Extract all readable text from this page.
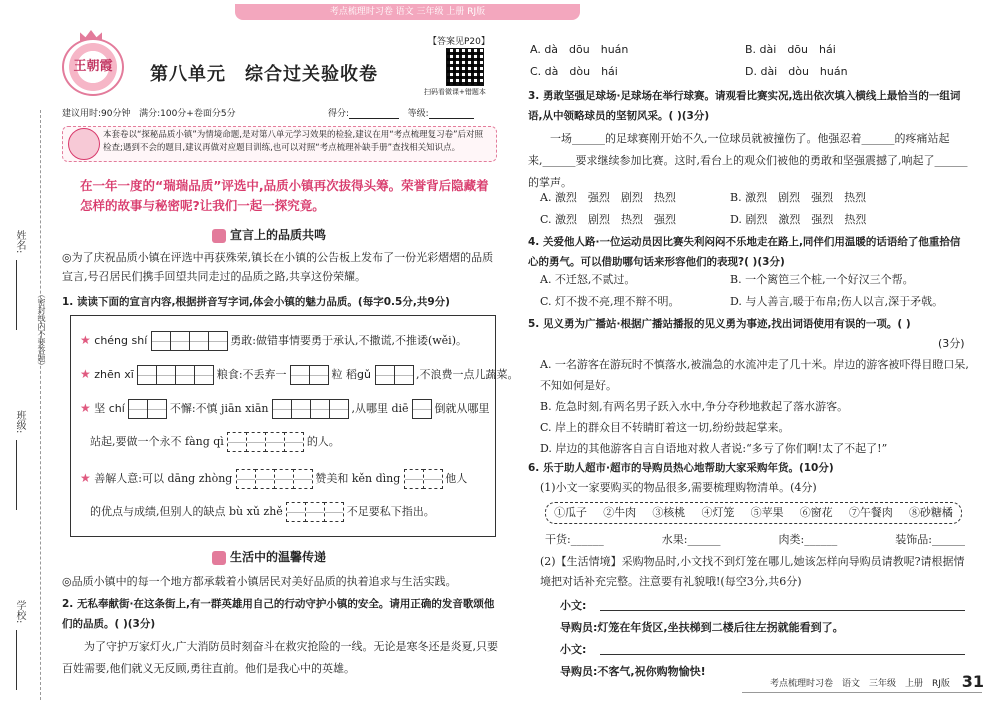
考点梳理时习卷 语文 三年级 上册 RJ版
姓名:
班级:
学校:
（密封线内不要答题）
王朝霞	第八单元　综合过关验收卷
【答案见P20】
扫码看微课+错题本
建议用时:90分钟 满分:100分+卷面分5分	得分:	等级:
本套卷以“探秘品质小镇”为情境命题,是对第八单元学习效果的检验,建议在用“考点梳理复习卷”后对照检查;遇到不会的题目,建议再做对应题目训练,也可以对照“考点梳理补缺手册”查找相关知识点。
在一年一度的“瑞瑞品质”评选中,品质小镇再次拔得头筹。荣誉背后隐藏着怎样的故事与秘密呢?让我们一起一探究竟。
宣言上的品质共鸣
◎为了庆祝品质小镇在评选中再获殊荣,镇长在小镇的公告板上发布了一份光彩熠熠的品质宣言,号召居民们携手回望共同走过的品质之路,共享这份荣耀。
1. 读读下面的宣言内容,根据拼音写字词,体会小镇的魅力品质。(每字0.5分,共9分)
★ chéng shí	勇敢:做错事情要勇于承认,不撒谎,不推诿(wěi)。
★ zhēn xī	粮食:不丢弃一	粒 稻gǔ	,不浪费一点儿蔬菜。
★ 坚 chí	不懈:不慎 jiān xiān	,从哪里 diē 倒就从哪里
站起,要做一个永不 fàng qì	的人。
★ 善解人意:可以 dāng zhòng	赞美和 kěn dìng	他人
的优点与成绩,但别人的缺点 bù xǔ zhě	不足要私下指出。
生活中的温馨传递
◎品质小镇中的每一个地方都承载着小镇居民对美好品质的执着追求与生活实践。
2. 无私奉献街·在这条街上,有一群英雄用自己的行动守护小镇的安全。请用正确的发音歌颂他们的品质。( )(3分)
为了守护万家灯火,广大消防员时刻奋斗在救灾抢险的一线。无论是寒冬还是炎夏,只要百姓需要,他们就义无反顾,勇往直前。他们是我心中的英雄。
A. dà　dōu　huán	B. dài　dōu　hái
C. dà　dòu　hái	D. dài　dòu　huán
3. 勇敢坚强足球场·足球场在举行球赛。请观看比赛实况,选出依次填入横线上最恰当的一组词语,从中领略球员的坚韧风采。( )(3分)
一场______的足球赛刚开始不久,一位球员就被撞伤了。他强忍着______的疼痛站起来,______要求继续参加比赛。这时,看台上的观众们被他的勇敢和坚强震撼了,响起了______的掌声。
A. 激烈　强烈　剧烈　热烈	B. 激烈　剧烈　强烈　热烈
C. 激烈　剧烈　热烈　强烈	D. 剧烈　激烈　强烈　热烈
4. 关爱他人路·一位运动员因比赛失利闷闷不乐地走在路上,同伴们用温暖的话语给了他重拾信心的勇气。可以借助哪句话来形容他们的表现?( )(3分)
A. 不迁怒,不贰过。	B. 一个篱笆三个桩,一个好汉三个帮。
C. 灯不拨不亮,理不辩不明。	D. 与人善言,暖于布帛;伤人以言,深于矛戟。
5. 见义勇为广播站·根据广播站播报的见义勇为事迹,找出词语使用有误的一项。( )
(3分)
A. 一名游客在游玩时不慎落水,被湍急的水流冲走了几十米。岸边的游客被吓得目瞪口呆,不知如何是好。
B. 危急时刻,有两名男子跃入水中,争分夺秒地救起了落水游客。
C. 岸上的群众目不转睛盯着这一切,纷纷鼓起掌来。
D. 岸边的其他游客自言自语地对救人者说:“多亏了你们啊!太了不起了!”
6. 乐于助人超市·超市的导购员热心地帮助大家采购年货。(10分)
(1)小文一家要购买的物品很多,需要梳理购物清单。(4分)
①瓜子 ②牛肉 ③核桃 ④灯笼 ⑤苹果 ⑥窗花 ⑦午餐肉 ⑧砂糖橘
干货:______	水果:______	肉类:______	装饰品:______
(2)【生活情境】采购物品时,小文找不到灯笼在哪儿,她该怎样向导购员请教呢?请根据情境把对话补充完整。注意要有礼貌哦!(每空3分,共6分)
小文:
导购员:灯笼在年货区,坐扶梯到二楼后往左拐就能看到了。
小文:
导购员:不客气,祝你购物愉快!
考点梳理时习卷　语文　三年级　上册　RJ版 31
